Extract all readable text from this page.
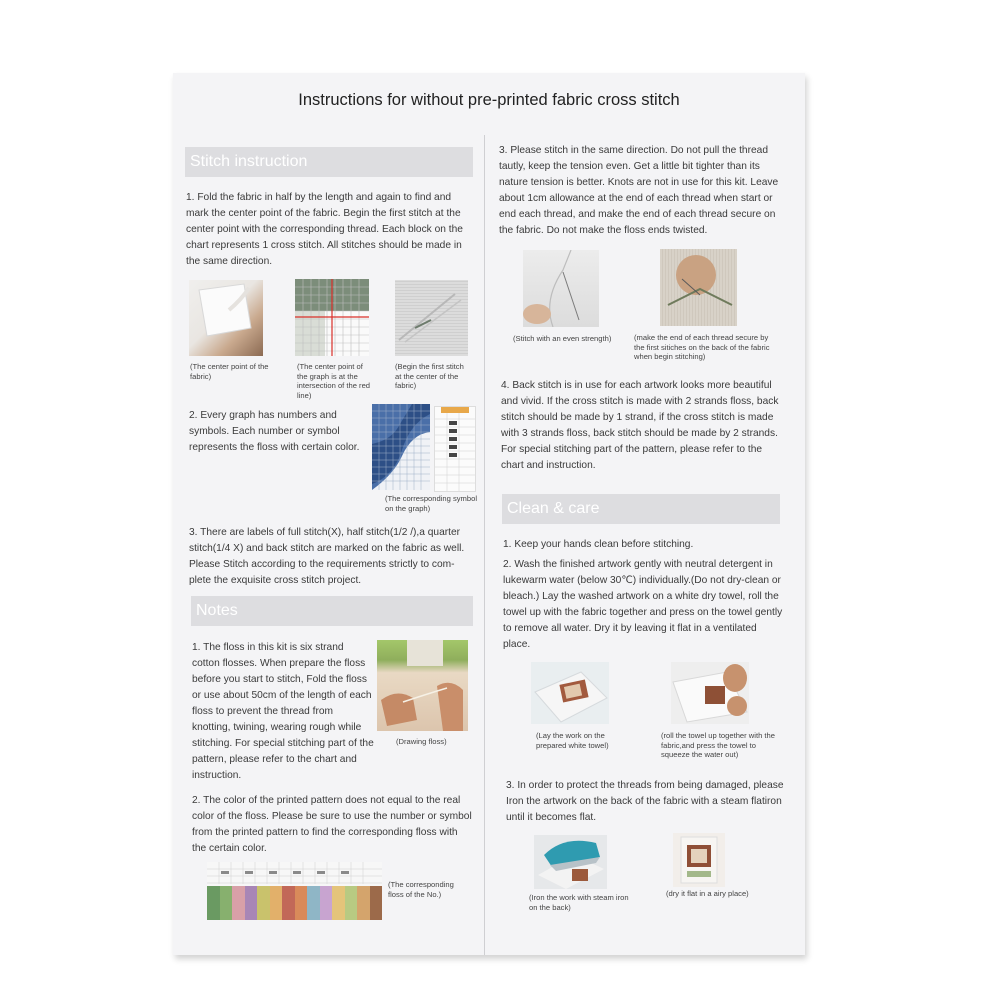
Instructions for without pre-printed fabric cross stitch
Stitch instruction
1. Fold the fabric in half by the length and again to find and mark the center point of the fabric. Begin the first stitch at the center point with the corresponding thread. Each block on the chart represents 1 cross stitch. All stitches should be made in the same direction.
(The center point of the fabric)
(The center point of the graph is at the intersection of the red line)
(Begin the first stitch at the center of the fabric)
2. Every graph has numbers and symbols. Each number or symbol represents the floss with certain color.
(The corresponding symbol on the graph)
3. There are labels of full stitch(X), half stitch(1/2 /),a quarter stitch(1/4 X) and back stitch are marked on the fabric as well. Please Stitch according to the requirements strictly to com-plete the exquisite cross stitch project.
Notes
1. The floss in this kit is six strand cotton flosses. When prepare the floss before you start to stitch, Fold the floss or use about 50cm of the length of each floss to prevent the thread from knotting, twining, wearing rough while stitching. For special stitching part of the pattern, please refer to the chart and instruction.
(Drawing floss)
2. The color of the printed pattern does not equal to the real color of the floss. Please be sure to use the number or symbol from the printed pattern to find the corresponding floss with the certain color.
(The corresponding floss of the No.)
3. Please stitch in the same direction. Do not pull the thread tautly, keep the tension even. Get a little bit tighter than its nature tension is better. Knots are not in use for this kit. Leave about 1cm allowance at the end of each thread when start or end each thread, and make the end of each thread secure on the fabric. Do not make the floss ends twisted.
(Stitch with an even strength)	(make the end of each thread secure by the first sitiches on the back of the fabric when begin stitching)
4. Back stitch is in use for each artwork looks more beautiful and vivid. If the cross stitch is made with 2 strands floss, back stitch should be made by 1 strand, if the cross stitch is made with 3 strands floss, back stitch should be made by 2 strands. For special stitching part of the pattern, please refer to the chart and instruction.
Clean & care
1. Keep your hands clean before stitching.
2. Wash the finished artwork gently with neutral detergent in lukewarm water (below 30℃) individually.(Do not dry-clean or bleach.) Lay the washed artwork on a white dry towel, roll the towel up with the fabric together and press on the towel gently to remove all water. Dry it by leaving it flat in a ventilated place.
(Lay the work on the prepared white towel)
(roll the towel up together with the fabric,and press the towel to squeeze the water out)
3. In order to protect the threads from being damaged, please Iron the artwork on the back of the fabric with a steam flatiron until it becomes flat.
(Iron the work with steam iron on the back)
(dry it flat in a airy place)
